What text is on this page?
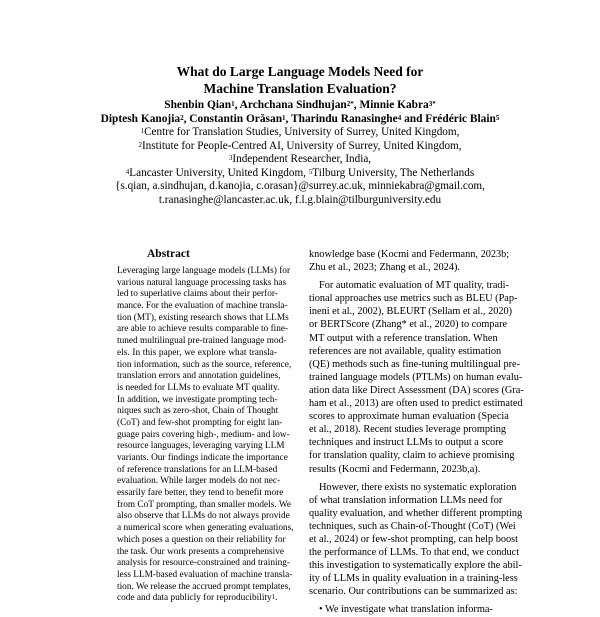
What do Large Language Models Need for
Machine Translation Evaluation?
Shenbin Qian$^1$, Archchana Sindhujan$^{2*}$, Minnie Kabra$^{3*}$
Diptesh Kanojia$^2$, Constantin Orăsan$^1$, Tharindu Ranasinghe$^4$ and Frédéric Blain$^5$
$^1$Centre for Translation Studies, University of Surrey, United Kingdom,
$^2$Institute for People-Centred AI, University of Surrey, United Kingdom,
$^3$Independent Researcher, India,
$^4$Lancaster University, United Kingdom, $^5$Tilburg University, The Netherlands
{s.qian, a.sindhujan, d.kanojia, c.orasan}@surrey.ac.uk, minniekabra@gmail.com,
t.ranasinghe@lancaster.ac.uk, f.l.g.blain@tilburguniversity.edu
Abstract
Leveraging large language models (LLMs) for
various natural language processing tasks has
led to superlative claims about their perfor-
mance. For the evaluation of machine transla-
tion (MT), existing research shows that LLMs
are able to achieve results comparable to fine-
tuned multilingual pre-trained language mod-
els. In this paper, we explore what transla-
tion information, such as the source, reference,
translation errors and annotation guidelines,
is needed for LLMs to evaluate MT quality.
In addition, we investigate prompting tech-
niques such as zero-shot, Chain of Thought
(CoT) and few-shot prompting for eight lan-
guage pairs covering high-, medium- and low-
resource languages, leveraging varying LLM
variants. Our findings indicate the importance
of reference translations for an LLM-based
evaluation. While larger models do not nec-
essarily fare better, they tend to benefit more
from CoT prompting, than smaller models. We
also observe that LLMs do not always provide
a numerical score when generating evaluations,
which poses a question on their reliability for
the task. Our work presents a comprehensive
analysis for resource-constrained and training-
less LLM-based evaluation of machine transla-
tion. We release the accrued prompt templates,
code and data publicly for reproducibility$^1$.
knowledge base (Kocmi and Federmann, 2023b;
Zhu et al., 2023; Zhang et al., 2024).
For automatic evaluation of MT quality, tradi-
tional approaches use metrics such as BLEU (Pap-
ineni et al., 2002), BLEURT (Sellam et al., 2020)
or BERTScore (Zhang* et al., 2020) to compare
MT output with a reference translation. When
references are not available, quality estimation
(QE) methods such as fine-tuning multilingual pre-
trained language models (PTLMs) on human evalu-
ation data like Direct Assessment (DA) scores (Gra-
ham et al., 2013) are often used to predict estimated
scores to approximate human evaluation (Specia
et al., 2018). Recent studies leverage prompting
techniques and instruct LLMs to output a score
for translation quality, claim to achieve promising
results (Kocmi and Federmann, 2023b,a).
However, there exists no systematic exploration
of what translation information LLMs need for
quality evaluation, and whether different prompting
techniques, such as Chain-of-Thought (CoT) (Wei
et al., 2024) or few-shot prompting, can help boost
the performance of LLMs. To that end, we conduct
this investigation to systematically explore the abil-
ity of LLMs in quality evaluation in a training-less
scenario. Our contributions can be summarized as:
• We investigate what translation informa-
